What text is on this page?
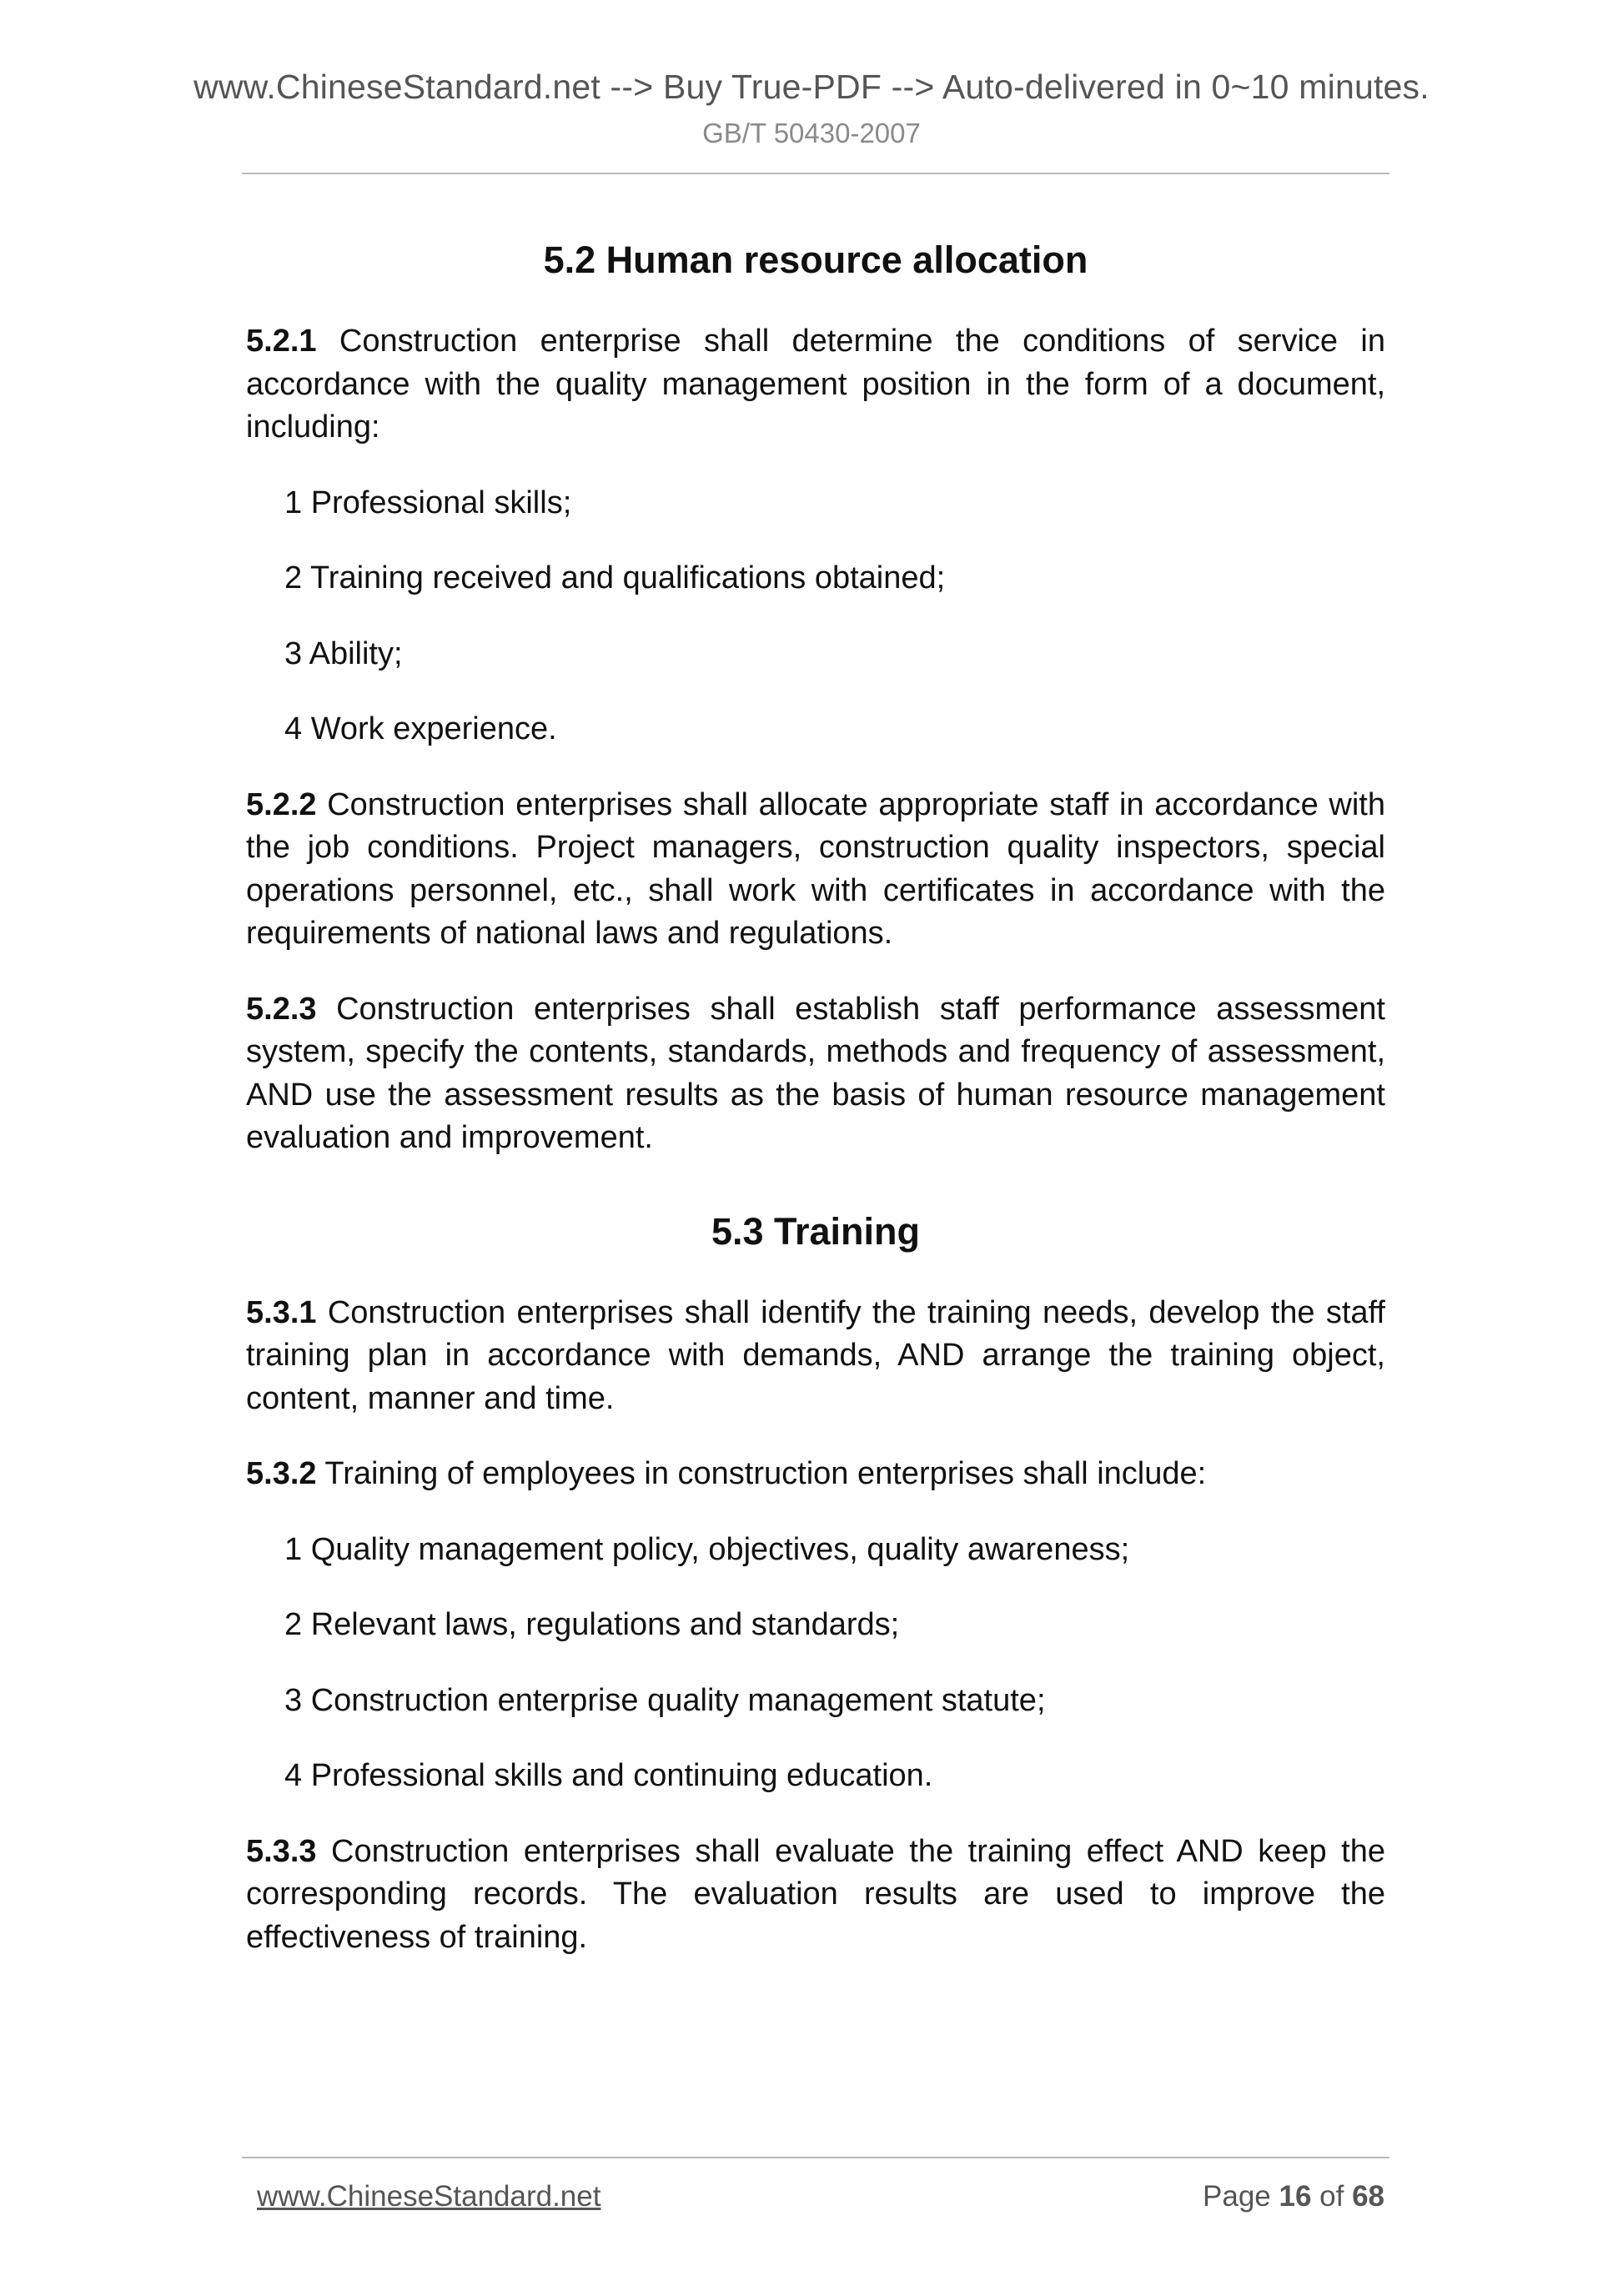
www.ChineseStandard.net --> Buy True-PDF --> Auto-delivered in 0~10 minutes.
GB/T 50430-2007
5.2 Human resource allocation

5.2.1 Construction enterprise shall determine the conditions of service in accordance with the quality management position in the form of a document, including:

1 Professional skills;

2 Training received and qualifications obtained;

3 Ability;

4 Work experience.

5.2.2 Construction enterprises shall allocate appropriate staff in accordance with the job conditions. Project managers, construction quality inspectors, special operations personnel, etc., shall work with certificates in accordance with the requirements of national laws and regulations.

5.2.3 Construction enterprises shall establish staff performance assessment system, specify the contents, standards, methods and frequency of assessment, AND use the assessment results as the basis of human resource management evaluation and improvement.

5.3 Training

5.3.1 Construction enterprises shall identify the training needs, develop the staff training plan in accordance with demands, AND arrange the training object, content, manner and time.

5.3.2 Training of employees in construction enterprises shall include:

1 Quality management policy, objectives, quality awareness;

2 Relevant laws, regulations and standards;

3 Construction enterprise quality management statute;

4 Professional skills and continuing education.

5.3.3 Construction enterprises shall evaluate the training effect AND keep the corresponding records. The evaluation results are used to improve the effectiveness of training.

www.ChineseStandard.net	Page 16 of 68
